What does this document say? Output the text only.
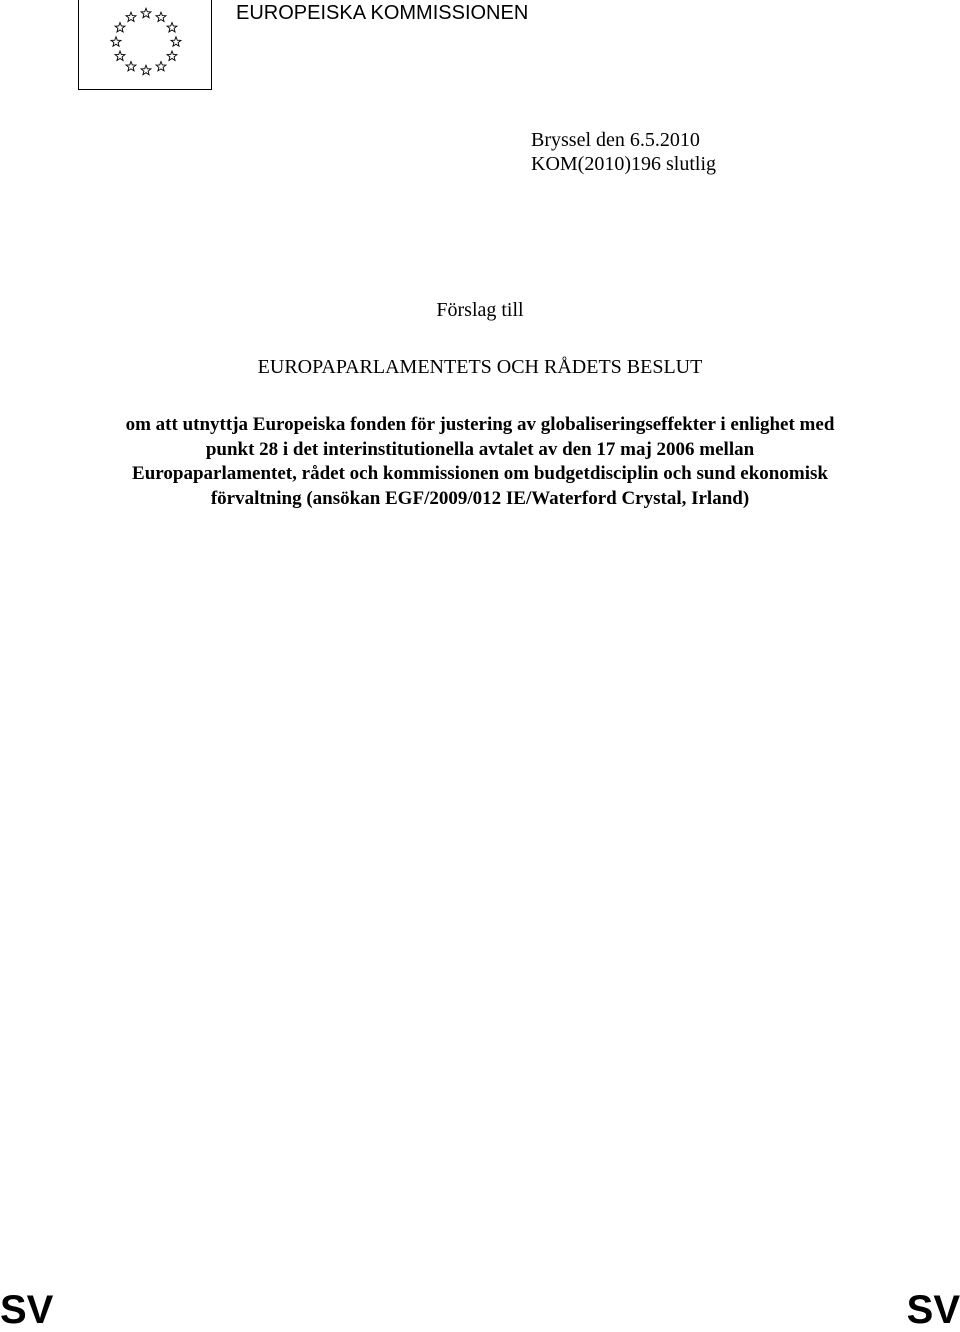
EUROPEISKA KOMMISSIONEN
Bryssel den 6.5.2010
KOM(2010)196 slutlig
Förslag till
EUROPAPARLAMENTETS OCH RÅDETS BESLUT
om att utnyttja Europeiska fonden för justering av globaliseringseffekter i enlighet med
punkt 28 i det interinstitutionella avtalet av den 17 maj 2006 mellan
Europaparlamentet, rådet och kommissionen om budgetdisciplin och sund ekonomisk
förvaltning (ansökan EGF/2009/012 IE/Waterford Crystal, Irland)
SV	SV
